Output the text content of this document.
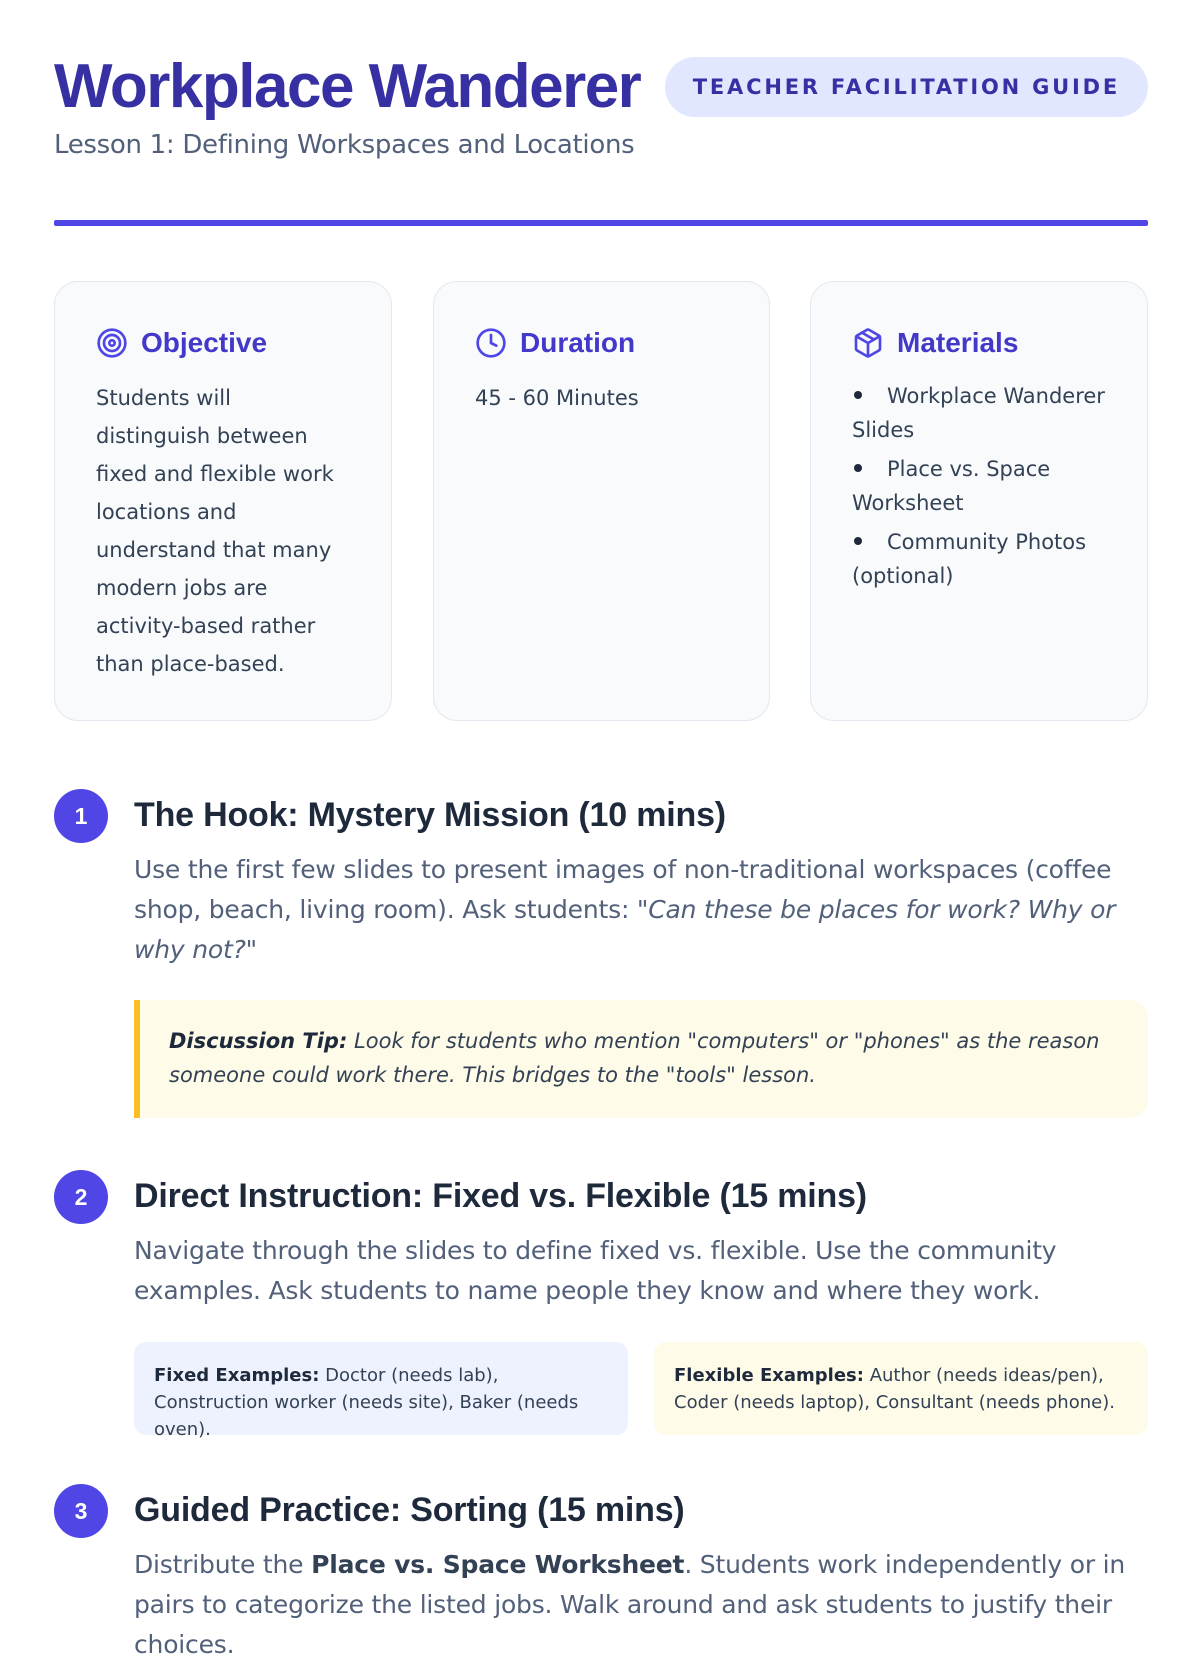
Workplace Wanderer
Lesson 1: Defining Workspaces and Locations
TEACHER FACILITATION GUIDE
Objective

Students will distinguish between fixed and flexible work locations and understand that many modern jobs are activity-based rather than place-based.

Duration

45 - 60 Minutes

Materials
Workplace Wanderer Slides
Place vs. Space Worksheet
Community Photos (optional)
1	The Hook: Mystery Mission (10 mins)

Use the first few slides to present images of non-traditional workspaces (coffee shop, beach, living room). Ask students: "Can these be places for work? Why or why not?"

Discussion Tip: Look for students who mention "computers" or "phones" as the reason someone could work there. This bridges to the "tools" lesson.
2	Direct Instruction: Fixed vs. Flexible (15 mins)

Navigate through the slides to define fixed vs. flexible. Use the community examples. Ask students to name people they know and where they work.

Fixed Examples: Doctor (needs lab), Construction worker (needs site), Baker (needs oven).
Flexible Examples: Author (needs ideas/pen), Coder (needs laptop), Consultant (needs phone).
3	Guided Practice: Sorting (15 mins)

Distribute the Place vs. Space Worksheet. Students work independently or in pairs to categorize the listed jobs. Walk around and ask students to justify their choices.
